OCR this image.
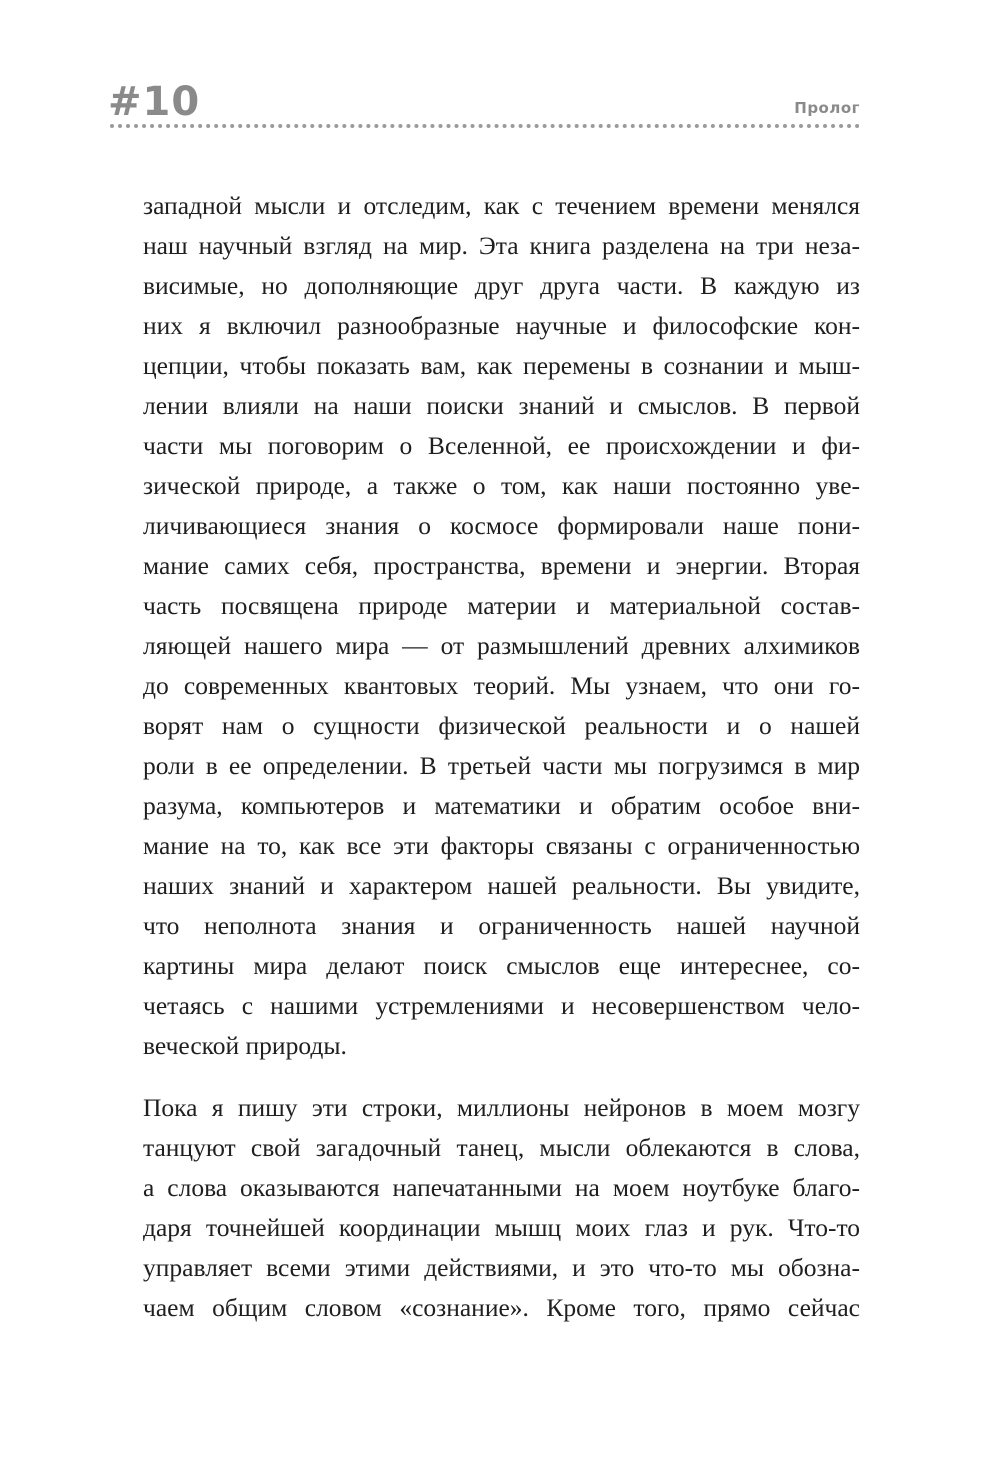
#10	Пролог
западной мысли и отследим, как с течением времени менялся
наш научный взгляд на мир. Эта книга разделена на три неза-
висимые, но дополняющие друг друга части. В каждую из
них я включил разнообразные научные и философские кон-
цепции, чтобы показать вам, как перемены в сознании и мыш-
лении влияли на наши поиски знаний и смыслов. В первой
части мы поговорим о Вселенной, ее происхождении и фи-
зической природе, а также о том, как наши постоянно уве-
личивающиеся знания о космосе формировали наше пони-
мание самих себя, пространства, времени и энергии. Вторая
часть посвящена природе материи и материальной состав-
ляющей нашего мира — от размышлений древних алхимиков
до современных квантовых теорий. Мы узнаем, что они го-
ворят нам о сущности физической реальности и о нашей
роли в ее определении. В третьей части мы погрузимся в мир
разума, компьютеров и математики и обратим особое вни-
мание на то, как все эти факторы связаны с ограниченностью
наших знаний и характером нашей реальности. Вы увидите,
что неполнота знания и ограниченность нашей научной
картины мира делают поиск смыслов еще интереснее, со-
четаясь с нашими устремлениями и несовершенством чело-
веческой природы.
Пока я пишу эти строки, миллионы нейронов в моем мозгу
танцуют свой загадочный танец, мысли облекаются в слова,
а слова оказываются напечатанными на моем ноутбуке благо-
даря точнейшей координации мышц моих глаз и рук. Что-то
управляет всеми этими действиями, и это что-то мы обозна-
чаем общим словом «сознание». Кроме того, прямо сейчас
